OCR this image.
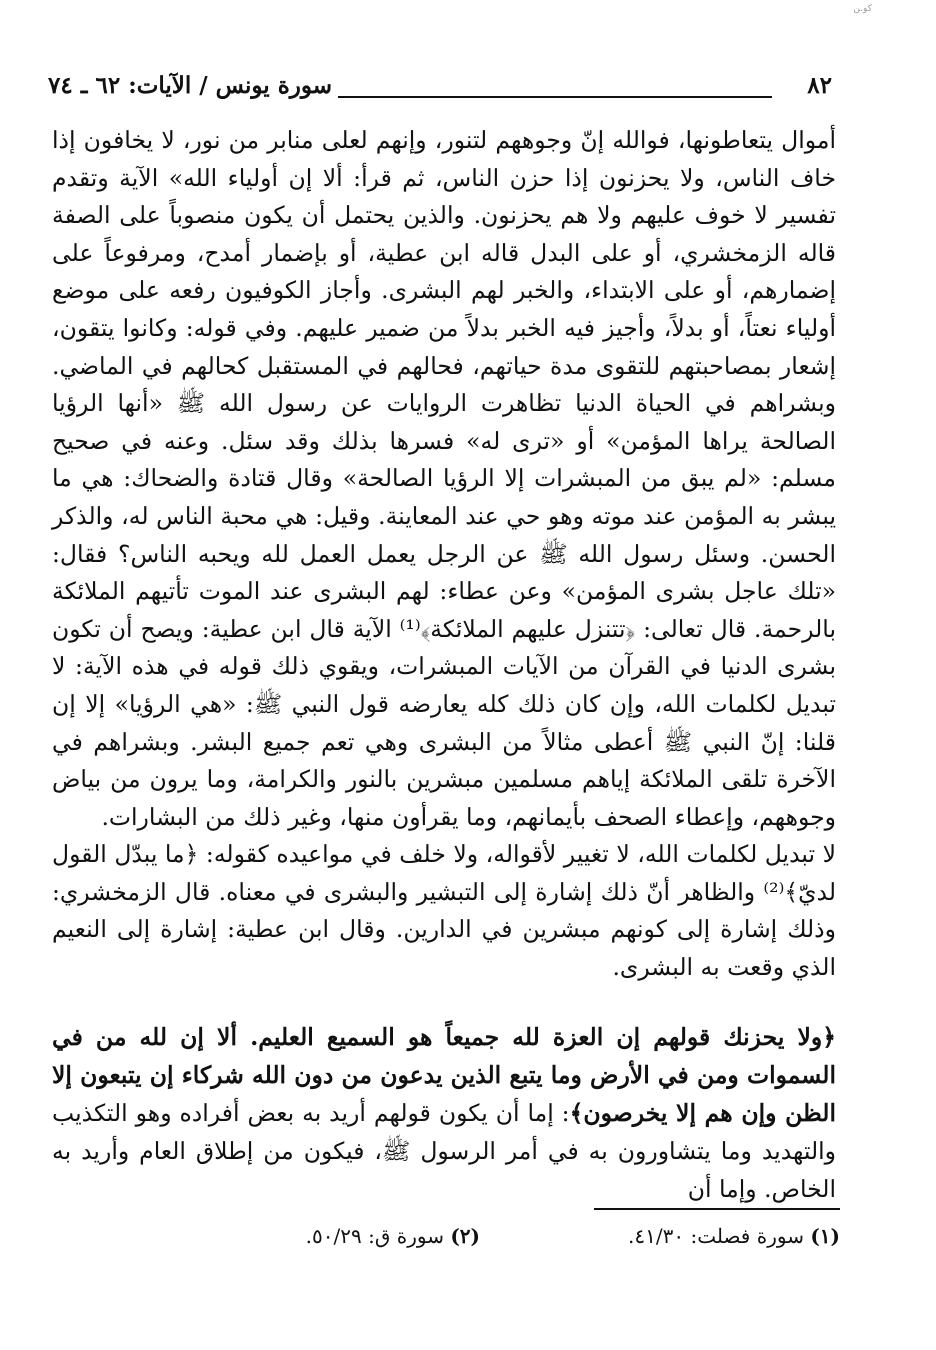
ﻛﻮ.ﻦ
٨٢
سورة يونس / الآيات: ٦٢ ـ ٧٤

أموال يتعاطونها، فوالله إنّ وجوههم لتنور، وإنهم لعلى منابر من نور، لا يخافون إذا خاف الناس، ولا يحزنون إذا حزن الناس، ثم قرأ: ألا إن أولياء الله» الآية وتقدم تفسير لا خوف عليهم ولا هم يحزنون. والذين يحتمل أن يكون منصوباً على الصفة قاله الزمخشري، أو على البدل قاله ابن عطية، أو بإضمار أمدح، ومرفوعاً على إضمارهم، أو على الابتداء، والخبر لهم البشرى. وأجاز الكوفيون رفعه على موضع أولياء نعتاً، أو بدلاً، وأجيز فيه الخبر بدلاً من ضمير عليهم. وفي قوله: وكانوا يتقون، إشعار بمصاحبتهم للتقوى مدة حياتهم، فحالهم في المستقبل كحالهم في الماضي. وبشراهم في الحياة الدنيا تظاهرت الروايات عن رسول الله ﷺ «أنها الرؤيا الصالحة يراها المؤمن» أو «ترى له» فسرها بذلك وقد سئل. وعنه في صحيح مسلم: «لم يبق من المبشرات إلا الرؤيا الصالحة» وقال قتادة والضحاك: هي ما يبشر به المؤمن عند موته وهو حي عند المعاينة. وقيل: هي محبة الناس له، والذكر الحسن. وسئل رسول الله ﷺ عن الرجل يعمل العمل لله ويحبه الناس؟ فقال: «تلك عاجل بشرى المؤمن» وعن عطاء: لهم البشرى عند الموت تأتيهم الملائكة بالرحمة. قال تعالى: ﴿تتنزل عليهم الملائكة﴾⁽¹⁾ الآية قال ابن عطية: ويصح أن تكون بشرى الدنيا في القرآن من الآيات المبشرات، ويقوي ذلك قوله في هذه الآية: لا تبديل لكلمات الله، وإن كان ذلك كله يعارضه قول النبي ﷺ: «هي الرؤيا» إلا إن قلنا: إنّ النبي ﷺ أعطى مثالاً من البشرى وهي تعم جميع البشر. وبشراهم في الآخرة تلقى الملائكة إياهم مسلمين مبشرين بالنور والكرامة، وما يرون من بياض وجوههم، وإعطاء الصحف بأيمانهم، وما يقرأون منها، وغير ذلك من البشارات.

لا تبديل لكلمات الله، لا تغيير لأقواله، ولا خلف في مواعيده كقوله: ﴿ما يبدّل القول لديّ﴾⁽²⁾ والظاهر أنّ ذلك إشارة إلى التبشير والبشرى في معناه. قال الزمخشري: وذلك إشارة إلى كونهم مبشرين في الدارين. وقال ابن عطية: إشارة إلى النعيم الذي وقعت به البشرى.

﴿ولا يحزنك قولهم إن العزة لله جميعاً هو السميع العليم. ألا إن لله من في السموات ومن في الأرض وما يتبع الذين يدعون من دون الله شركاء إن يتبعون إلا الظن وإن هم إلا يخرصون﴾: إما أن يكون قولهم أريد به بعض أفراده وهو التكذيب والتهديد وما يتشاورون به في أمر الرسول ﷺ، فيكون من إطلاق العام وأريد به الخاص. وإما أن

(١) سورة فصلت: ٤١/٣٠.
(٢) سورة ق: ٥٠/٢٩.
